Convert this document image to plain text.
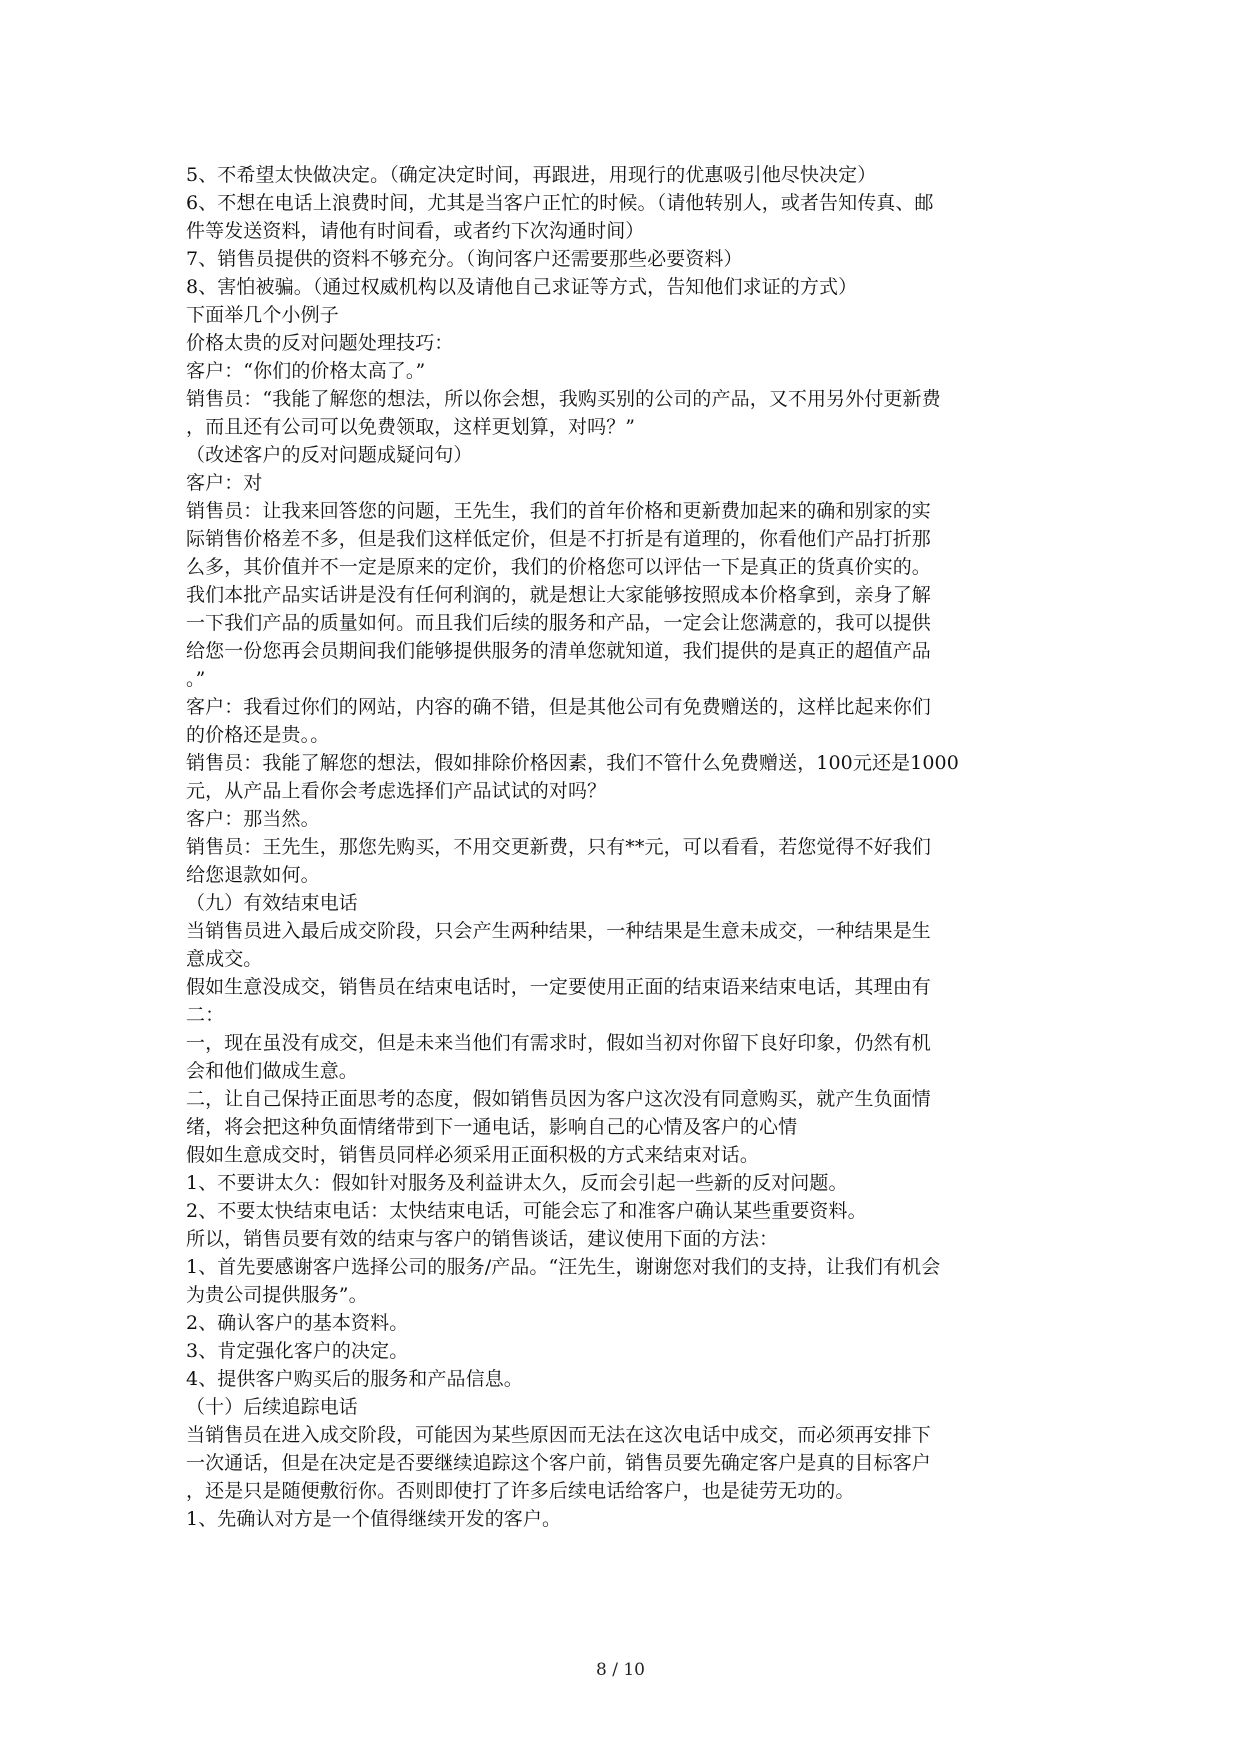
5、不希望太快做决定。（确定决定时间，再跟进，用现行的优惠吸引他尽快决定）

6、不想在电话上浪费时间，尤其是当客户正忙的时候。（请他转别人，或者告知传真、邮

件等发送资料，请他有时间看，或者约下次沟通时间）

7、销售员提供的资料不够充分。（询问客户还需要那些必要资料）

8、害怕被骗。（通过权威机构以及请他自己求证等方式，告知他们求证的方式）

下面举几个小例子

价格太贵的反对问题处理技巧：

客户：“你们的价格太高了。”

销售员：“我能了解您的想法，所以你会想，我购买别的公司的产品，又不用另外付更新费

，而且还有公司可以免费领取，这样更划算，对吗？”

（改述客户的反对问题成疑问句）

客户：对

销售员：让我来回答您的问题，王先生，我们的首年价格和更新费加起来的确和别家的实

际销售价格差不多，但是我们这样低定价，但是不打折是有道理的，你看他们产品打折那

么多，其价值并不一定是原来的定价，我们的价格您可以评估一下是真正的货真价实的。

我们本批产品实话讲是没有任何利润的，就是想让大家能够按照成本价格拿到，亲身了解

一下我们产品的质量如何。而且我们后续的服务和产品，一定会让您满意的，我可以提供

给您一份您再会员期间我们能够提供服务的清单您就知道，我们提供的是真正的超值产品

。”

客户：我看过你们的网站，内容的确不错，但是其他公司有免费赠送的，这样比起来你们

的价格还是贵。。

销售员：我能了解您的想法，假如排除价格因素，我们不管什么免费赠送，100元还是1000

元，从产品上看你会考虑选择们产品试试的对吗？

客户：那当然。

销售员：王先生，那您先购买，不用交更新费，只有**元，可以看看，若您觉得不好我们

给您退款如何。

（九）有效结束电话

当销售员进入最后成交阶段，只会产生两种结果，一种结果是生意未成交，一种结果是生

意成交。

假如生意没成交，销售员在结束电话时，一定要使用正面的结束语来结束电话，其理由有

二：

一，现在虽没有成交，但是未来当他们有需求时，假如当初对你留下良好印象，仍然有机

会和他们做成生意。

二，让自己保持正面思考的态度，假如销售员因为客户这次没有同意购买，就产生负面情

绪，将会把这种负面情绪带到下一通电话，影响自己的心情及客户的心情

假如生意成交时，销售员同样必须采用正面积极的方式来结束对话。

1、不要讲太久：假如针对服务及利益讲太久，反而会引起一些新的反对问题。

2、不要太快结束电话：太快结束电话，可能会忘了和准客户确认某些重要资料。

所以，销售员要有效的结束与客户的销售谈话，建议使用下面的方法：

1、首先要感谢客户选择公司的服务/产品。“汪先生，谢谢您对我们的支持，让我们有机会

为贵公司提供服务”。

2、确认客户的基本资料。

3、肯定强化客户的决定。

4、提供客户购买后的服务和产品信息。

（十）后续追踪电话

当销售员在进入成交阶段，可能因为某些原因而无法在这次电话中成交，而必须再安排下

一次通话，但是在决定是否要继续追踪这个客户前，销售员要先确定客户是真的目标客户

，还是只是随便敷衍你。否则即使打了许多后续电话给客户，也是徒劳无功的。

1、先确认对方是一个值得继续开发的客户。

8 / 10
